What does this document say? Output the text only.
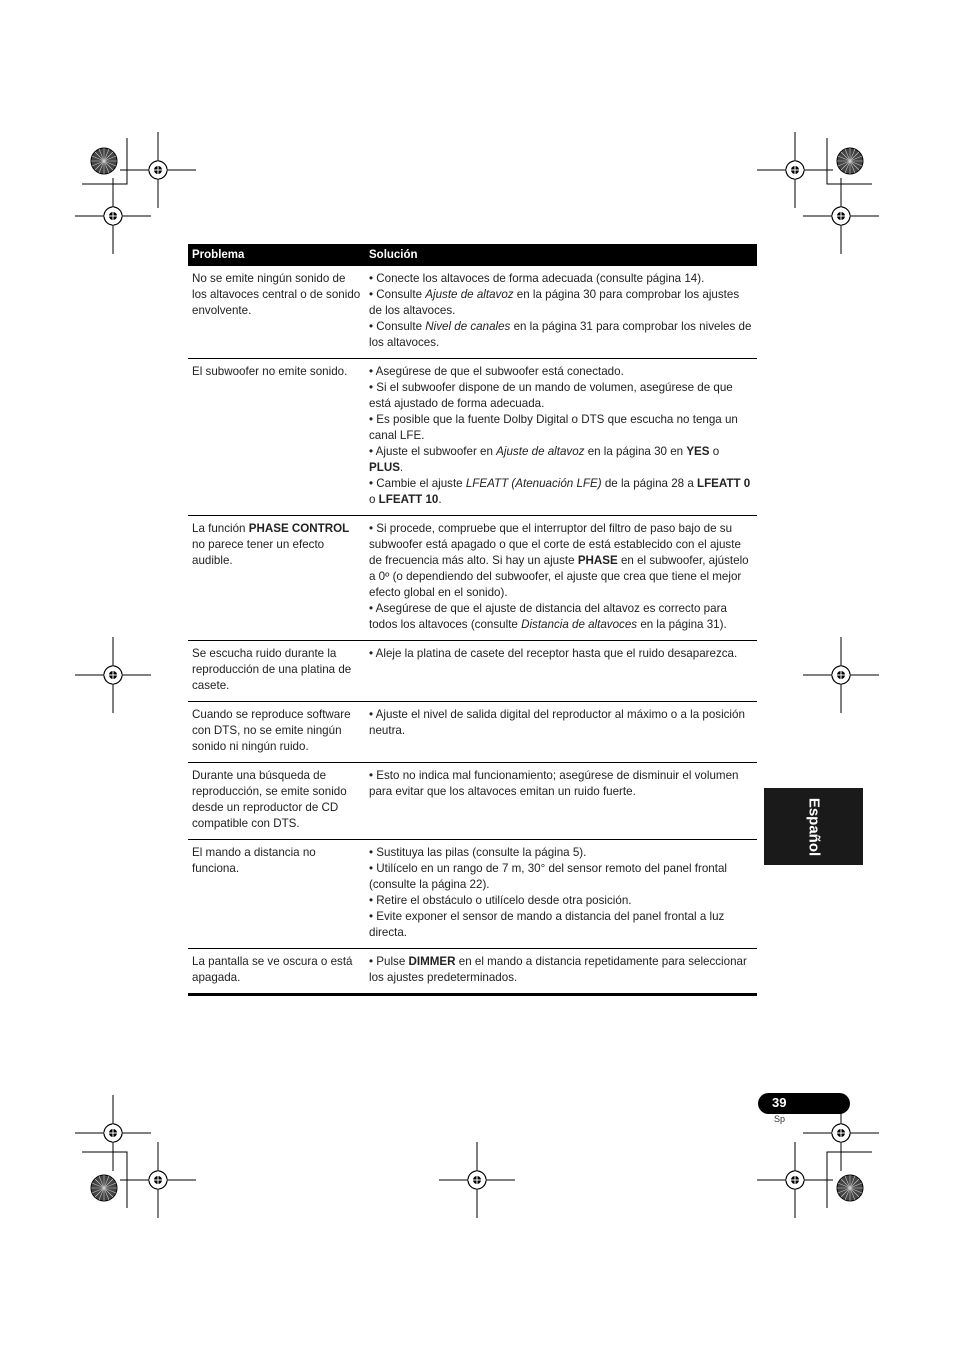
Problema	Solución
No se emite ningún sonido de los altavoces central o de sonido envolvente.	• Conecte los altavoces de forma adecuada (consulte página 14).
• Consulte Ajuste de altavoz en la página 30 para comprobar los ajustes de los altavoces.
• Consulte Nivel de canales en la página 31 para comprobar los niveles de los altavoces.

El subwoofer no emite sonido.	• Asegúrese de que el subwoofer está conectado.
• Si el subwoofer dispone de un mando de volumen, asegúrese de que está ajustado de forma adecuada.
• Es posible que la fuente Dolby Digital o DTS que escucha no tenga un canal LFE.
• Ajuste el subwoofer en Ajuste de altavoz en la página 30 en YES o PLUS.
• Cambie el ajuste LFEATT (Atenuación LFE) de la página 28 a LFEATT 0 o LFEATT 10.

La función PHASE CONTROL no parece tener un efecto audible.	• Si procede, compruebe que el interruptor del filtro de paso bajo de su subwoofer está apagado o que el corte de está establecido con el ajuste de frecuencia más alto. Si hay un ajuste PHASE en el subwoofer, ajústelo a 0º (o dependiendo del subwoofer, el ajuste que crea que tiene el mejor efecto global en el sonido).
• Asegúrese de que el ajuste de distancia del altavoz es correcto para todos los altavoces (consulte Distancia de altavoces en la página 31).

Se escucha ruido durante la reproducción de una platina de casete.	• Aleje la platina de casete del receptor hasta que el ruido desaparezca.

Cuando se reproduce software con DTS, no se emite ningún sonido ni ningún ruido.	• Ajuste el nivel de salida digital del reproductor al máximo o a la posición neutra.

Durante una búsqueda de reproducción, se emite sonido desde un reproductor de CD compatible con DTS.	• Esto no indica mal funcionamiento; asegúrese de disminuir el volumen para evitar que los altavoces emitan un ruido fuerte.

El mando a distancia no funciona.	• Sustituya las pilas (consulte la página 5).
• Utilícelo en un rango de 7 m, 30° del sensor remoto del panel frontal (consulte la página 22).
• Retire el obstáculo o utilícelo desde otra posición.
• Evite exponer el sensor de mando a distancia del panel frontal a luz directa.

La pantalla se ve oscura o está apagada.	• Pulse DIMMER en el mando a distancia repetidamente para seleccionar los ajustes predeterminados.
Español
39
Sp
